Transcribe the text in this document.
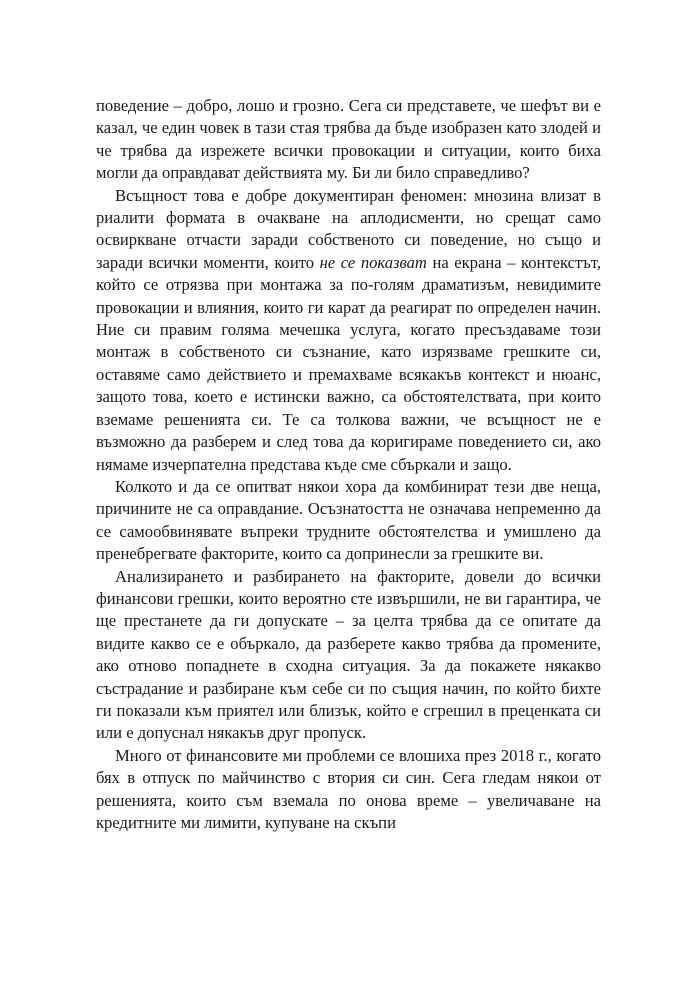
поведение – добро, лошо и грозно. Сега си представете, че шефът ви е казал, че един човек в тази стая трябва да бъде изобразен като злодей и че трябва да изрежете всички провокации и ситуации, които биха могли да оправдават действията му. Би ли било справедливо?

Всъщност това е добре документиран феномен: мнозина влизат в риалити формата в очакване на аплодисменти, но срещат само освиркване отчасти заради собственото си поведение, но също и заради всички моменти, които не се показват на екрана – контекстът, който се отрязва при монтажа за по-голям драматизъм, невидимите провокации и влияния, които ги карат да реагират по определен начин. Ние си правим голяма мечешка услуга, когато пресъздаваме този монтаж в собственото си съзнание, като изрязваме грешките си, оставяме само действието и премахваме всякакъв контекст и нюанс, защото това, което е истински важно, са обстоятелствата, при които вземаме решенията си. Те са толкова важни, че всъщност не е възможно да разберем и след това да коригираме поведението си, ако нямаме изчерпателна представа къде сме сбъркали и защо.

Колкото и да се опитват някои хора да комбинират тези две неща, причините не са оправдание. Осъзнатостта не означава непременно да се самообвинявате въпреки трудните обстоятелства и умишлено да пренебрегвате факторите, които са допринесли за грешките ви.

Анализирането и разбирането на факторите, довели до всички финансови грешки, които вероятно сте извършили, не ви гарантира, че ще престанете да ги допускате – за целта трябва да се опитате да видите какво се е объркало, да разберете какво трябва да промените, ако отново попаднете в сходна ситуация. За да покажете някакво състрадание и разбиране към себе си по същия начин, по който бихте ги показали към приятел или близък, който е сгрешил в преценката си или е допуснал някакъв друг пропуск.

Много от финансовите ми проблеми се влошиха през 2018 г., когато бях в отпуск по майчинство с втория си син. Сега гледам някои от решенията, които съм вземала по онова време – увеличаване на кредитните ми лимити, купуване на скъпи
